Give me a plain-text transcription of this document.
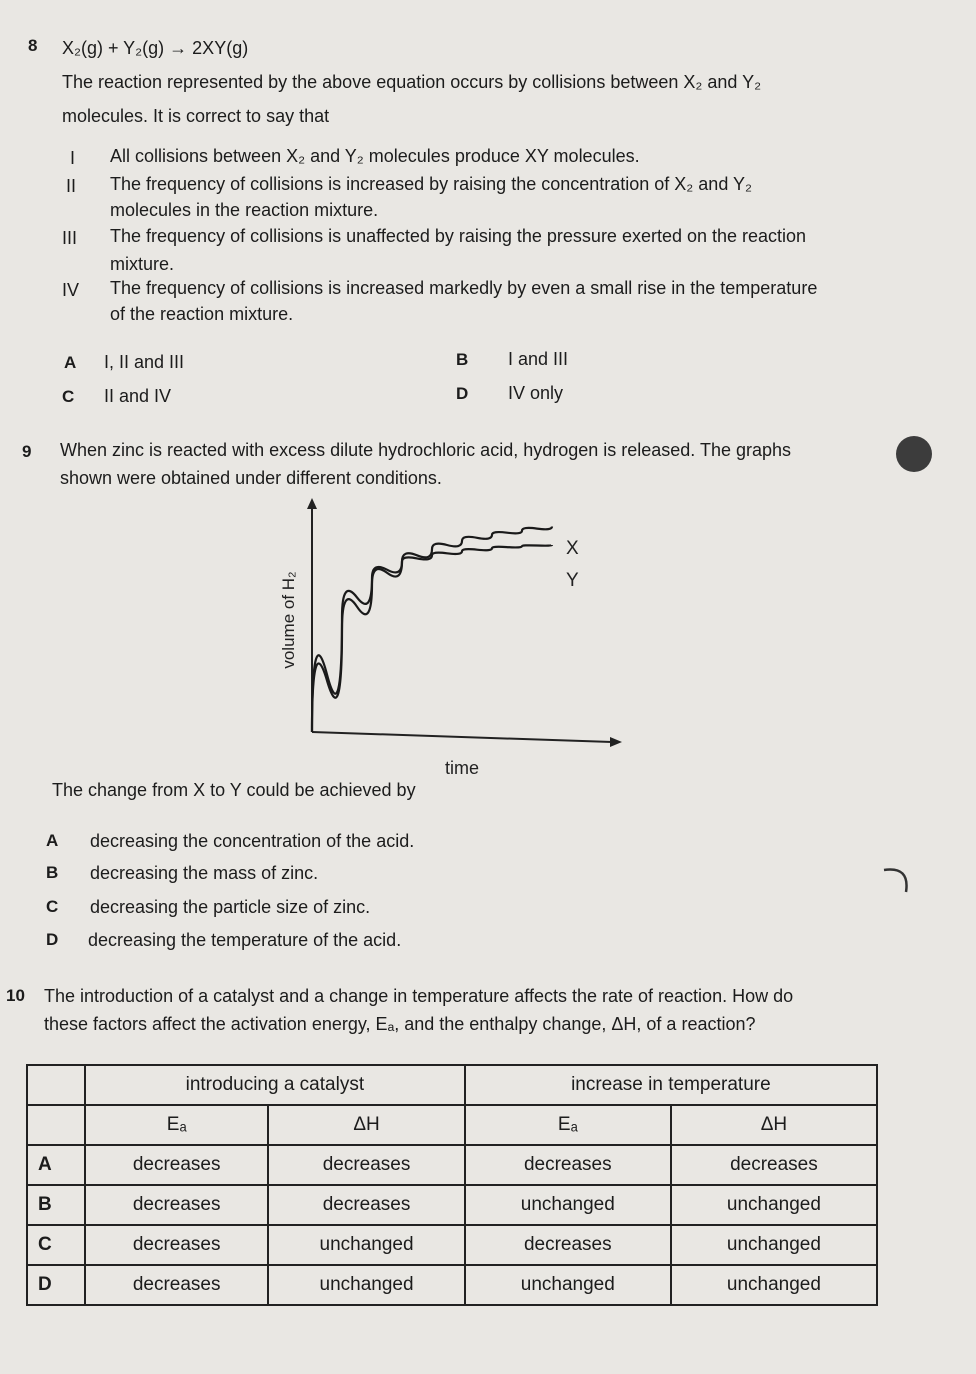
8 X₂(g) + Y₂(g) → 2XY(g)
The reaction represented by the above equation occurs by collisions between X₂ and Y₂
molecules. It is correct to say that
I All collisions between X₂ and Y₂ molecules produce XY molecules.
II The frequency of collisions is increased by raising the concentration of X₂ and Y₂
molecules in the reaction mixture.
III The frequency of collisions is unaffected by raising the pressure exerted on the reaction
mixture.
IV The frequency of collisions is increased markedly by even a small rise in the temperature
of the reaction mixture.
A I, II and III	B I and III
C II and IV	D IV only
9 When zinc is reacted with excess dilute hydrochloric acid, hydrogen is released. The graphs
shown were obtained under different conditions.
volume of H₂
time
X
Y
The change from X to Y could be achieved by
A decreasing the concentration of the acid.
B decreasing the mass of zinc.
C decreasing the particle size of zinc.
D decreasing the temperature of the acid.
10 The introduction of a catalyst and a change in temperature affects the rate of reaction. How do
these factors affect the activation energy, Eₐ, and the enthalpy change, ΔH, of a reaction?
	introducing a catalyst		increase in temperature	
	Eₐ	ΔH	Eₐ	ΔH
A	decreases	decreases	decreases	decreases
B	decreases	decreases	unchanged	unchanged
C	decreases	unchanged	decreases	unchanged
D	decreases	unchanged	unchanged	unchanged
